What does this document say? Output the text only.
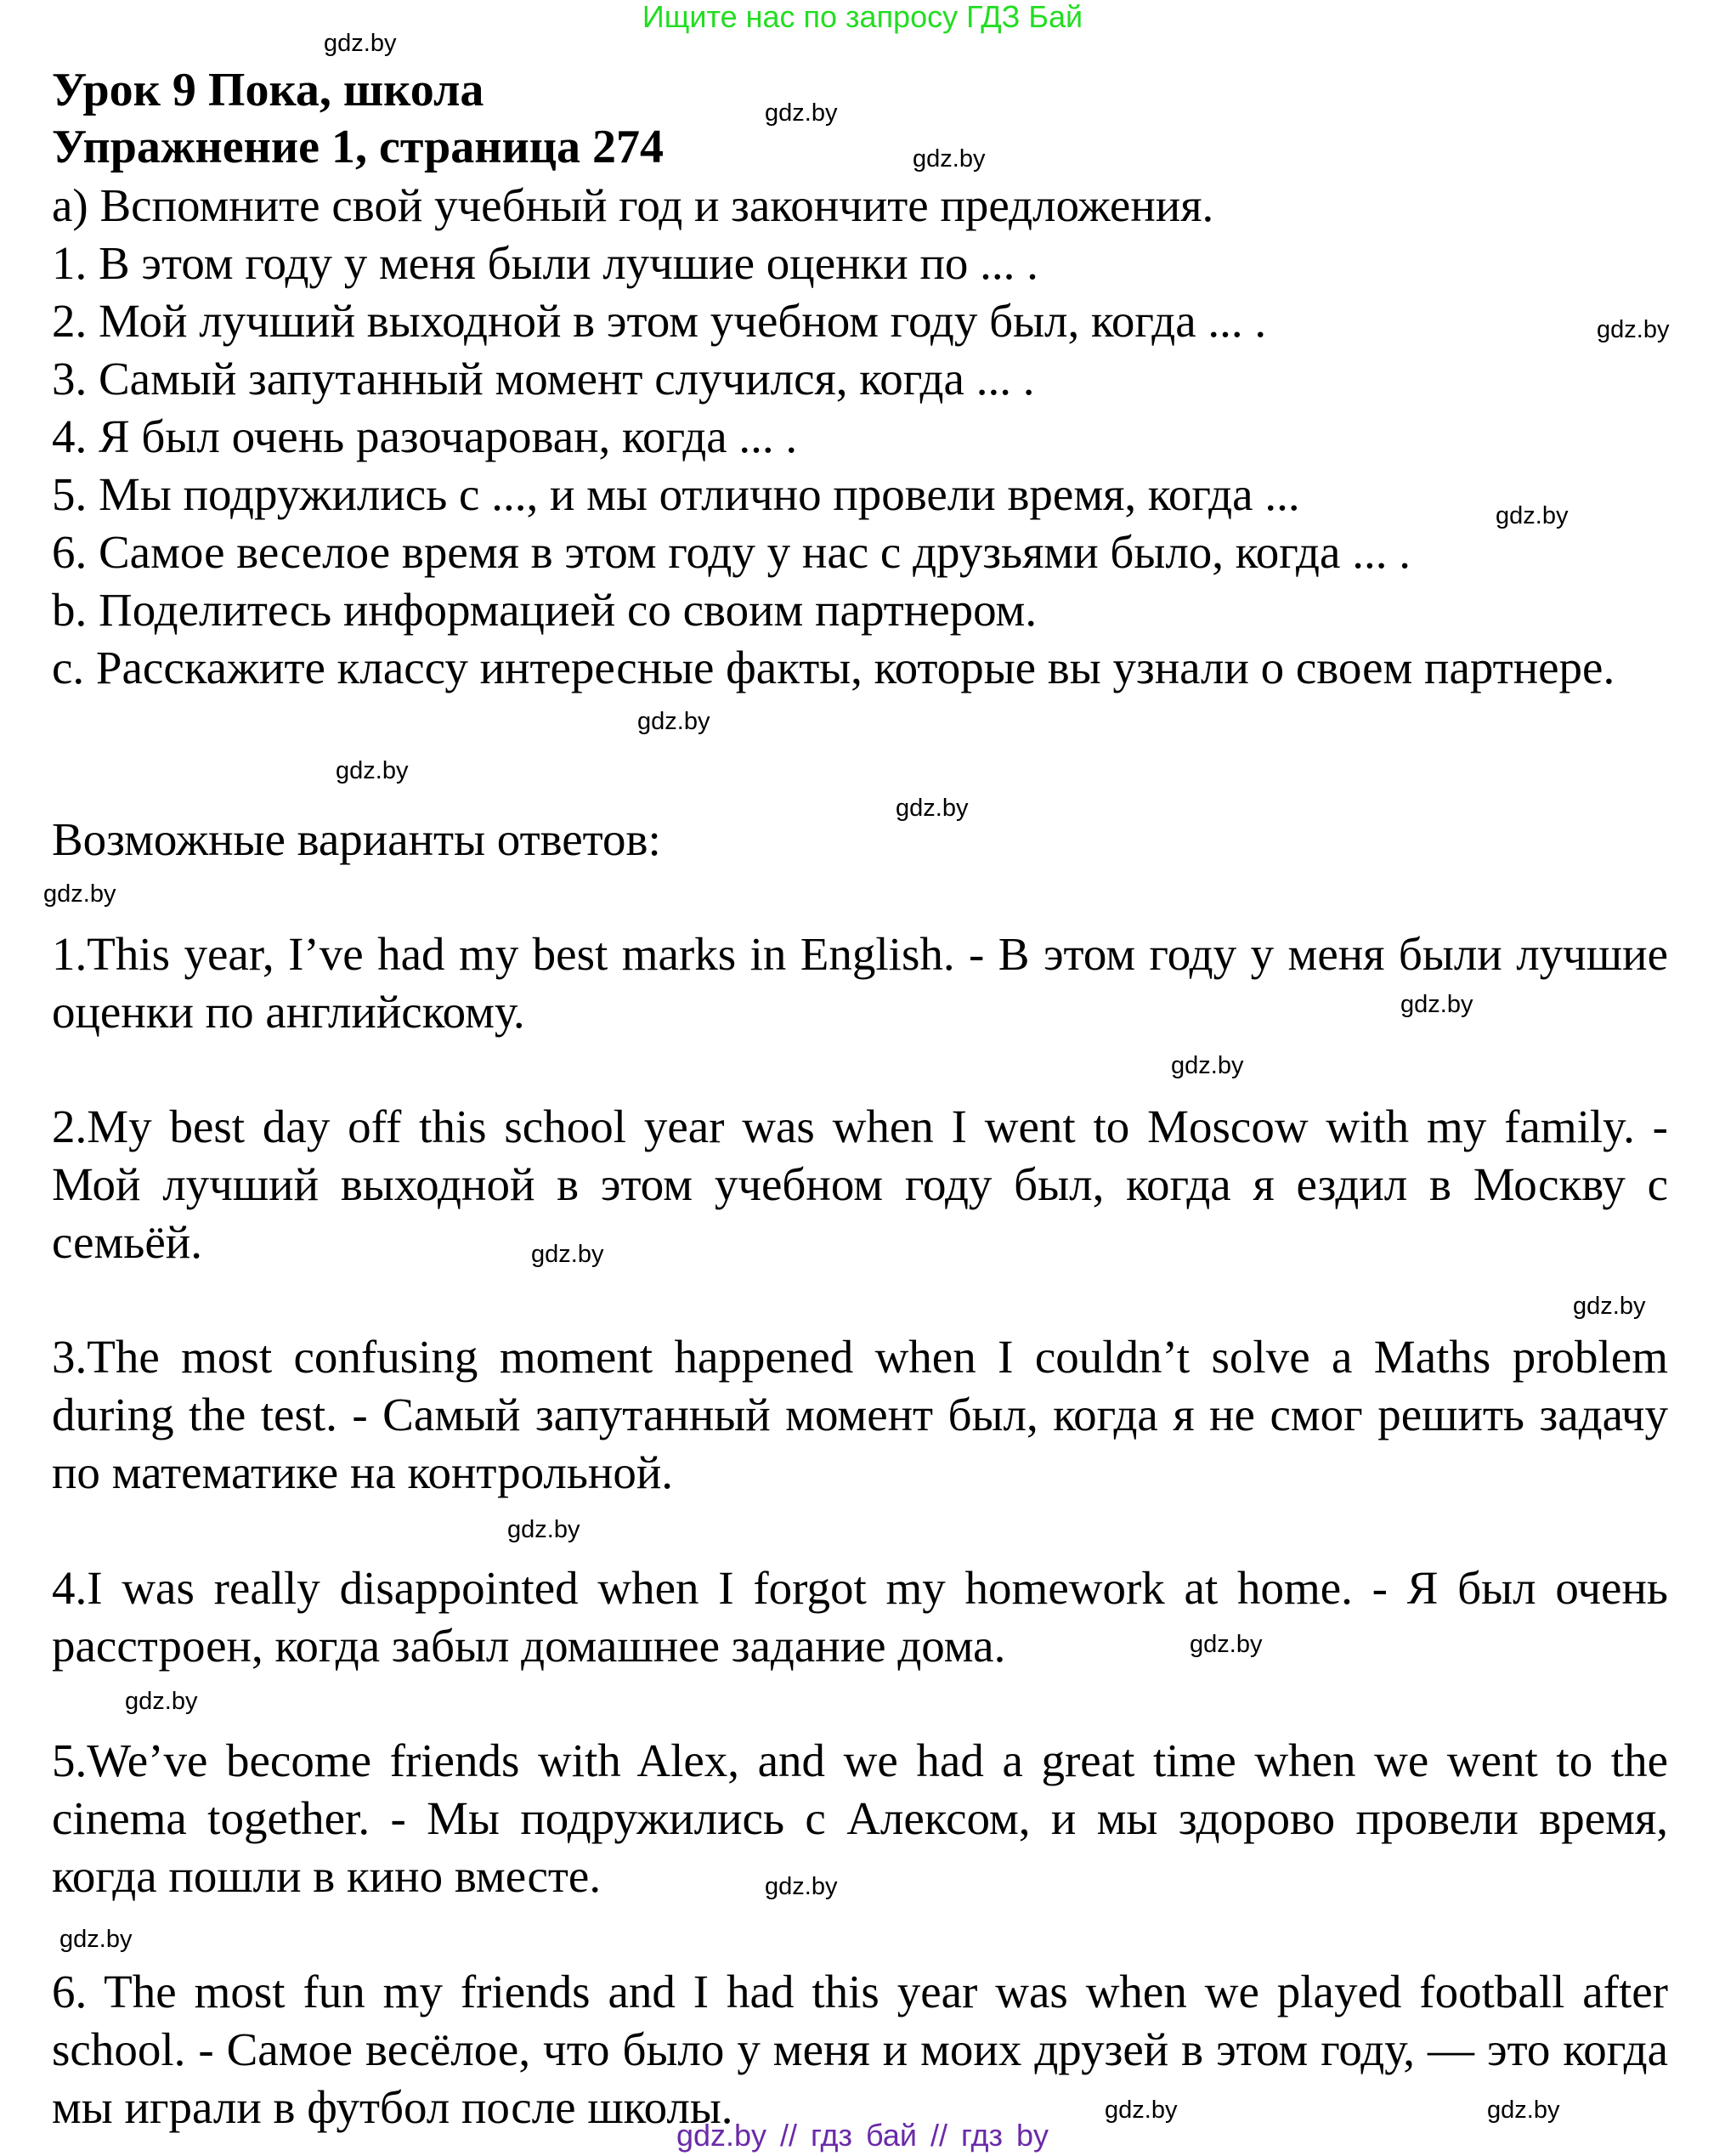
Ищите нас по запросу ГДЗ Бай
Урок 9 Пока, школа
Упражнение 1, страница 274

а) Вспомните свой учебный год и закончите предложения.

1. В этом году у меня были лучшие оценки по ... .

2. Мой лучший выходной в этом учебном году был, когда ... .

3. Самый запутанный момент случился, когда ... .

4. Я был очень разочарован, когда ... .

5. Мы подружились с ..., и мы отлично провели время, когда ...

6. Самое веселое время в этом году у нас с друзьями было, когда ... .

b. Поделитесь информацией со своим партнером.

c. Расскажите классу интересные факты, которые вы узнали о своем партнере.

Возможные варианты ответов:
1.This year, I’ve had my best marks in English. - В этом году у меня были лучшие оценки по английскому.
2.My best day off this school year was when I went to Moscow with my family. - Мой лучший выходной в этом учебном году был, когда я ездил в Москву с семьёй.
3.The most confusing moment happened when I couldn’t solve a Maths problem during the test. - Самый запутанный момент был, когда я не смог решить задачу по математике на контрольной.
4.I was really disappointed when I forgot my homework at home. - Я был очень расстроен, когда забыл домашнее задание дома.
5.We’ve become friends with Alex, and we had a great time when we went to the cinema together. - Мы подружились с Алексом, и мы здорово провели время, когда пошли в кино вместе.
6. The most fun my friends and I had this year was when we played football after school. - Самое весёлое, что было у меня и моих друзей в этом году, — это когда мы играли в футбол после школы.
gdz.by
gdz.by
gdz.by
gdz.by
gdz.by
gdz.by
gdz.by
gdz.by
gdz.by
gdz.by
gdz.by
gdz.by
gdz.by
gdz.by
gdz.by
gdz.by
gdz.by
gdz.by
gdz.by
gdz.by
gdz.by // гдз бай // гдз by
